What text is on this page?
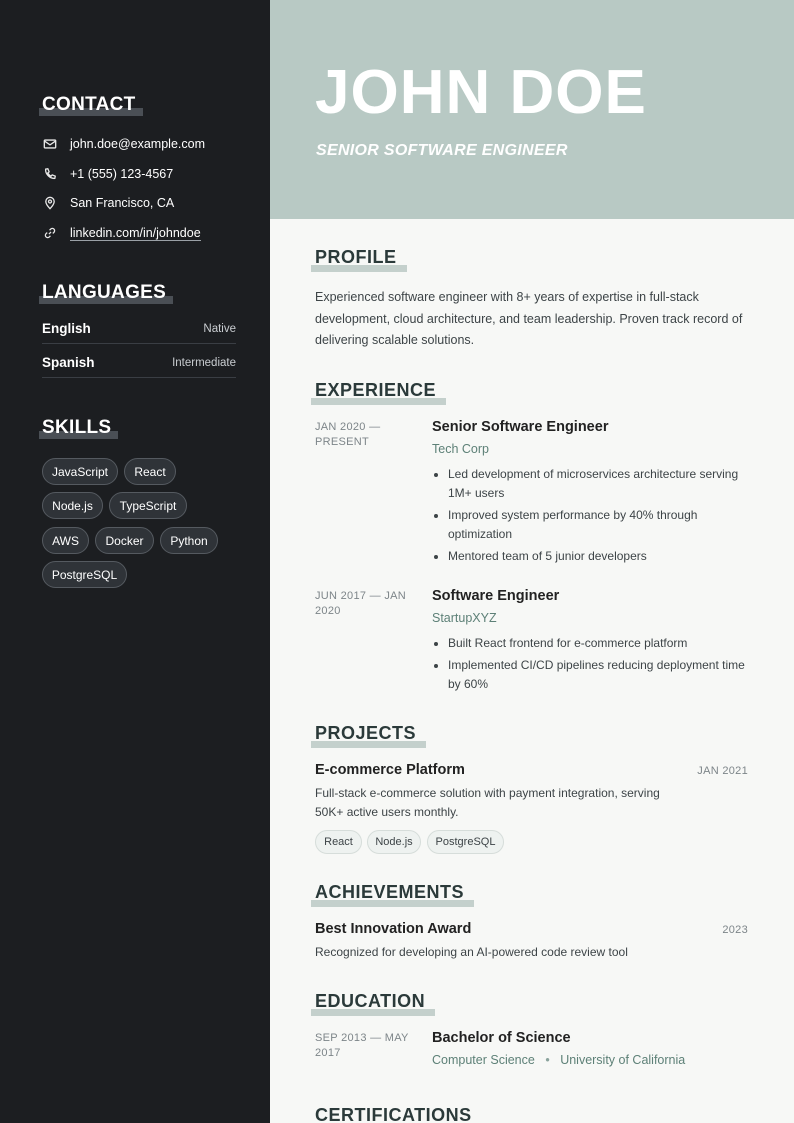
CONTACT
john.doe@example.com
+1 (555) 123-4567
San Francisco, CA
linkedin.com/in/johndoe
LANGUAGES
English	Native
Spanish	Intermediate
SKILLS
JavaScript	React
Node.js	TypeScript
AWS	Docker	Python
PostgreSQL
JOHN DOE
SENIOR SOFTWARE ENGINEER
PROFILE
Experienced software engineer with 8+ years of expertise in full-stack development, cloud architecture, and team leadership. Proven track record of delivering scalable solutions.
EXPERIENCE
JAN 2020 — PRESENT
Senior Software Engineer
Tech Corp
Led development of microservices architecture serving 1M+ users
Improved system performance by 40% through optimization
Mentored team of 5 junior developers
JUN 2017 — JAN 2020
Software Engineer
StartupXYZ
Built React frontend for e-commerce platform
Implemented CI/CD pipelines reducing deployment time by 60%
PROJECTS
E-commerce Platform	JAN 2021
Full-stack e-commerce solution with payment integration, serving 50K+ active users monthly.
React	Node.js	PostgreSQL
ACHIEVEMENTS
Best Innovation Award	2023
Recognized for developing an AI-powered code review tool
EDUCATION
SEP 2013 — MAY 2017
Bachelor of Science
Computer Science • University of California
CERTIFICATIONS
